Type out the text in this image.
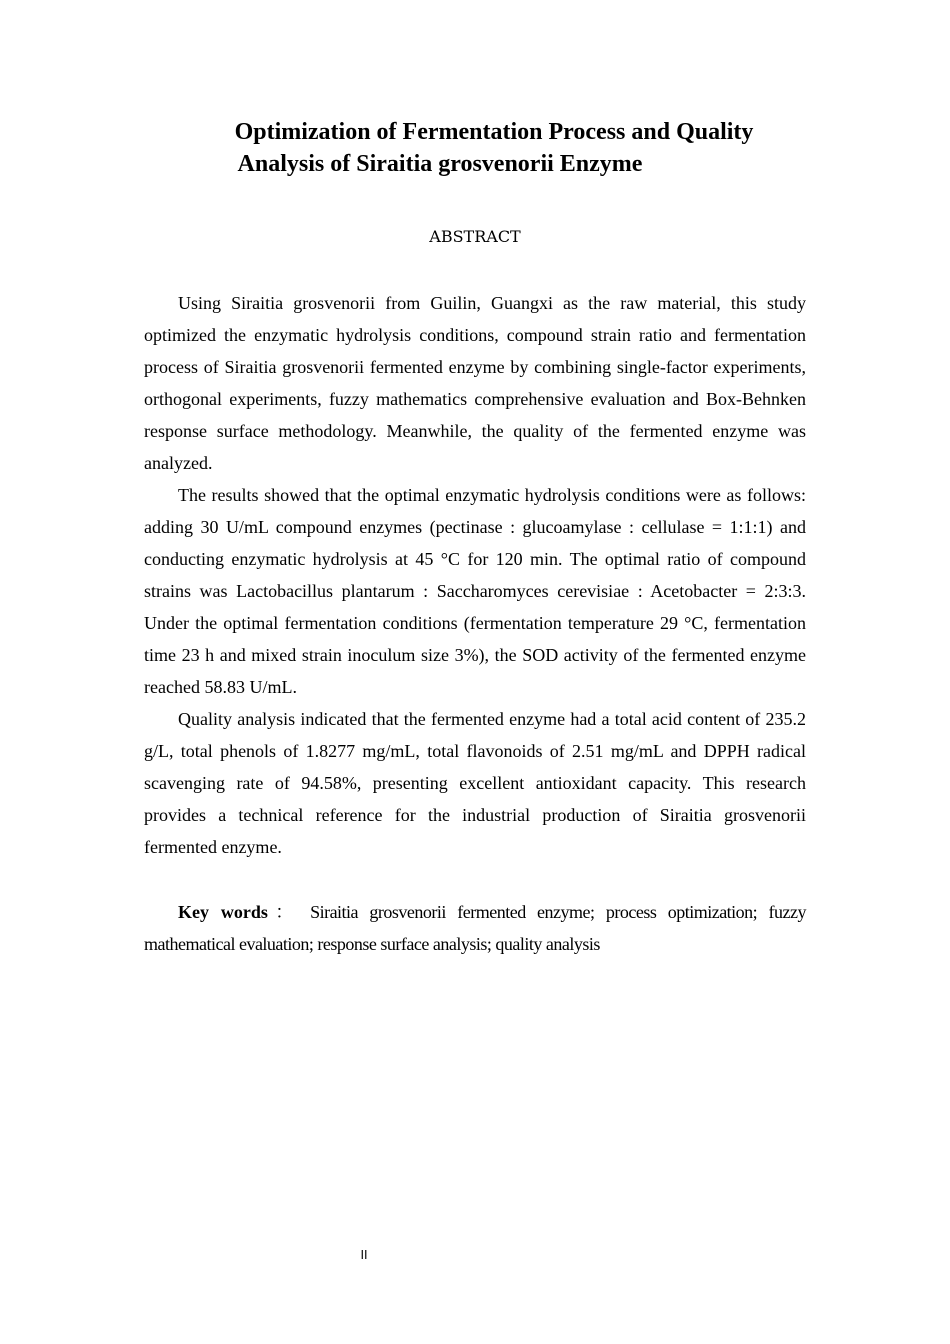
Optimization of Fermentation Process and Quality
Analysis of Siraitia grosvenorii Enzyme
ABSTRACT

Using Siraitia grosvenorii from Guilin, Guangxi as the raw material, this study optimized the enzymatic hydrolysis conditions, compound strain ratio and fermentation process of Siraitia grosvenorii fermented enzyme by combining single-factor experiments, orthogonal experiments, fuzzy mathematics comprehensive evaluation and Box-Behnken response surface methodology. Meanwhile, the quality of the fermented enzyme was analyzed.

The results showed that the optimal enzymatic hydrolysis conditions were as follows: adding 30 U/mL compound enzymes (pectinase : glucoamylase : cellulase = 1:1:1) and conducting enzymatic hydrolysis at 45 °C for 120 min. The optimal ratio of compound strains was Lactobacillus plantarum : Saccharomyces cerevisiae : Acetobacter = 2:3:3. Under the optimal fermentation conditions (fermentation temperature 29 °C, fermentation time 23 h and mixed strain inoculum size 3%), the SOD activity of the fermented enzyme reached 58.83 U/mL.

Quality analysis indicated that the fermented enzyme had a total acid content of 235.2 g/L, total phenols of 1.8277 mg/mL, total flavonoids of 2.51 mg/mL and DPPH radical scavenging rate of 94.58%, presenting excellent antioxidant capacity. This research provides a technical reference for the industrial production of Siraitia grosvenorii fermented enzyme.

Key words： Siraitia grosvenorii fermented enzyme; process optimization; fuzzy mathematical evaluation; response surface analysis; quality analysis
II
